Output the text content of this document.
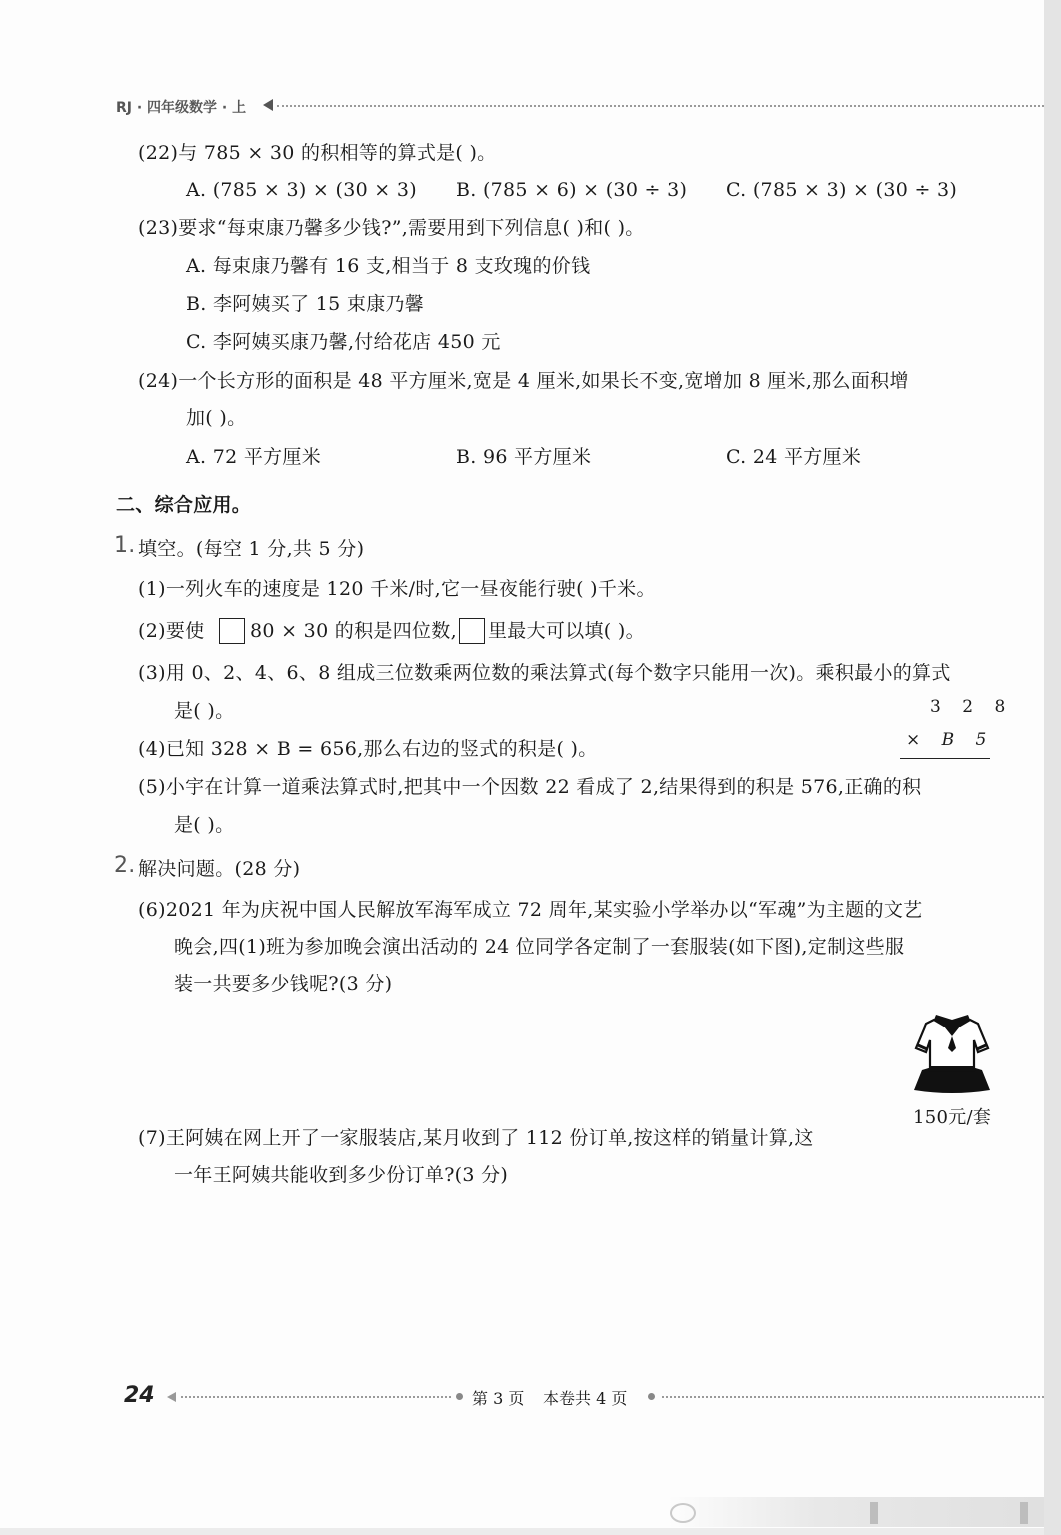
RJ · 四年级数学 · 上
(22)与 785 × 30 的积相等的算式是( )。
A. (785 × 3) × (30 × 3) B. (785 × 6) × (30 ÷ 3) C. (785 × 3) × (30 ÷ 3)
(23)要求“每束康乃馨多少钱?”,需要用到下列信息( )和( )。
A. 每束康乃馨有 16 支,相当于 8 支玫瑰的价钱
B. 李阿姨买了 15 束康乃馨
C. 李阿姨买康乃馨,付给花店 450 元
(24)一个长方形的面积是 48 平方厘米,宽是 4 厘米,如果长不变,宽增加 8 厘米,那么面积增
加( )。
A. 72 平方厘米	B. 96 平方厘米	C. 24 平方厘米
二、综合应用。
1. 填空。(每空 1 分,共 5 分)
(1)一列火车的速度是 120 千米/时,它一昼夜能行驶( )千米。
(2)要使 80 × 30 的积是四位数, 里最大可以填( )。
(3)用 0、2、4、6、8 组成三位数乘两位数的乘法算式(每个数字只能用一次)。乘积最小的算式
是( )。	3 2 8
× B 5
(4)已知 328 × B = 656,那么右边的竖式的积是( )。
(5)小宇在计算一道乘法算式时,把其中一个因数 22 看成了 2,结果得到的积是 576,正确的积
是( )。
2. 解决问题。(28 分)
(6)2021 年为庆祝中国人民解放军海军成立 72 周年,某实验小学举办以“军魂”为主题的文艺
晚会,四(1)班为参加晚会演出活动的 24 位同学各定制了一套服装(如下图),定制这些服
装一共要多少钱呢?(3 分)
150元/套
(7)王阿姨在网上开了一家服装店,某月收到了 112 份订单,按这样的销量计算,这
一年王阿姨共能收到多少份订单?(3 分)
24	第 3 页 本卷共 4 页
